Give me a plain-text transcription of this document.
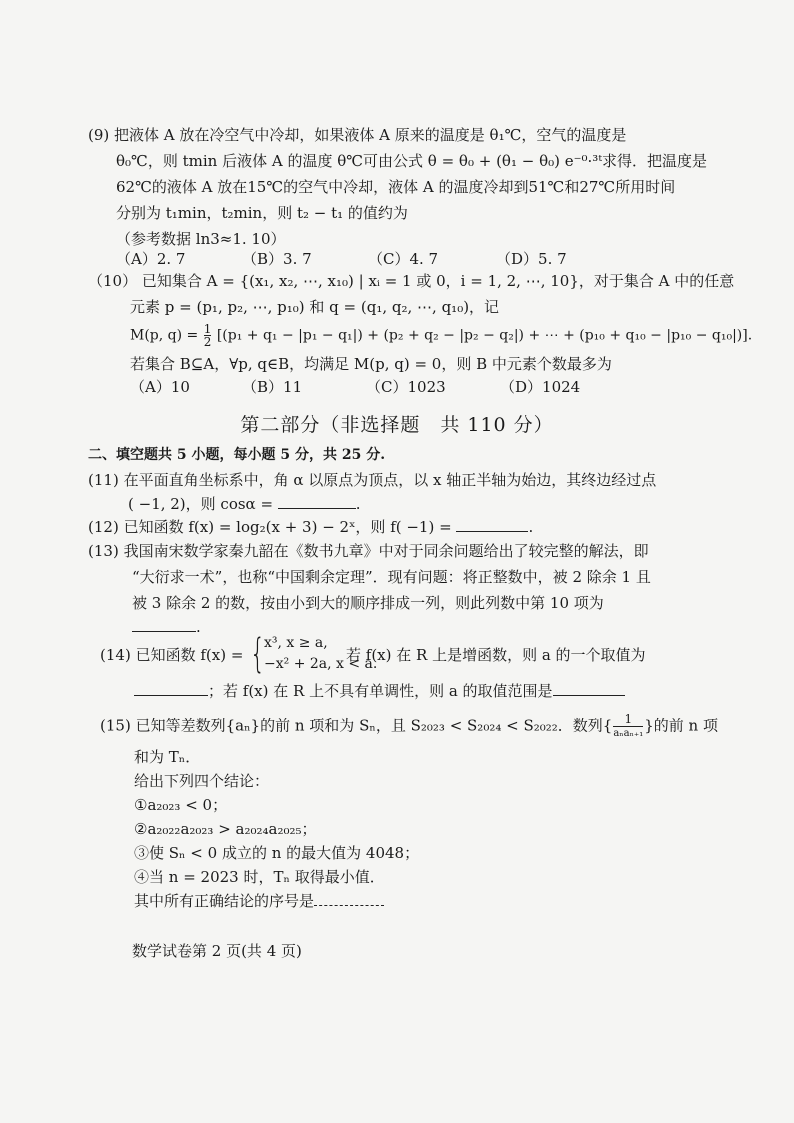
(9) 把液体 A 放在冷空气中冷却，如果液体 A 原来的温度是 θ₁℃，空气的温度是
θ₀℃，则 tmin 后液体 A 的温度 θ℃可由公式 θ = θ₀ + (θ₁ − θ₀) e⁻⁰·³ᵗ求得．把温度是
62℃的液体 A 放在15℃的空气中冷却，液体 A 的温度冷却到51℃和27℃所用时间
分别为 t₁min，t₂min，则 t₂ − t₁ 的值约为
（参考数据 ln3≈1. 10）
（A）2. 7	（B）3. 7	（C）4. 7	（D）5. 7
（10） 已知集合 A = {(x₁, x₂, ⋯, x₁₀) | xᵢ = 1 或 0，i = 1, 2, ⋯, 10}，对于集合 A 中的任意
元素 p = (p₁, p₂, ⋯, p₁₀) 和 q = (q₁, q₂, ⋯, q₁₀)，记
M(p, $q) = \frac{1}{2} [(p_1 + q_1 - |p_1 - q_1|) + (p_2 + q_2 - |p_2 - q_2|)$ + ⋯ + (p₁₀ + q₁₀ − |p₁₀ − q₁₀|)].
若集合 B⊆A，∀p, q∈B，均满足 M(p, q) = 0，则 B 中元素个数最多为
（A）10	（B）11	（C）1023	（D）1024
第二部分（非选择题　共 110 分）
二、填空题共 5 小题，每小题 5 分，共 25 分.
(11) 在平面直角坐标系中，角 α 以原点为顶点，以 x 轴正半轴为始边，其终边经过点
( −1, 2)，则 cosα =	.
(12) 已知函数 f(x) = log₂(x + 3) − 2ˣ，则 f( −1) =	.
(13) 我国南宋数学家秦九韶在《数书九章》中对于同余问题给出了较完整的解法，即
“大衍求一术”，也称“中国剩余定理”．现有问题：将正整数中，被 2 除余 1 且
被 3 除余 2 的数，按由小到大的顺序排成一列，则此列数中第 10 项为
.
(14) 已知函数 f(x) = {
x³, x ≥ a,
−x² + 2a, x < a.
若 f(x) 在 R 上是增函数，则 a 的一个取值为
；若 f(x) 在 R 上不具有单调性，则 a 的取值范围是
(15) 已知等差数列{aₙ}的前 n 项和为 Sₙ，且 S₂₀₂₃ < S₂₀₂₄ < S₂₀₂₂．数列{	1
aₙaₙ₊₁ }的前 n 项
和为 Tₙ．
给出下列四个结论：
①a₂₀₂₃ < 0；
②a₂₀₂₂a₂₀₂₃ > a₂₀₂₄a₂₀₂₅；
③使 Sₙ < 0 成立的 n 的最大值为 4048；
④当 n = 2023 时，Tₙ 取得最小值．
其中所有正确结论的序号是
数学试卷第 2 页(共 4 页)
